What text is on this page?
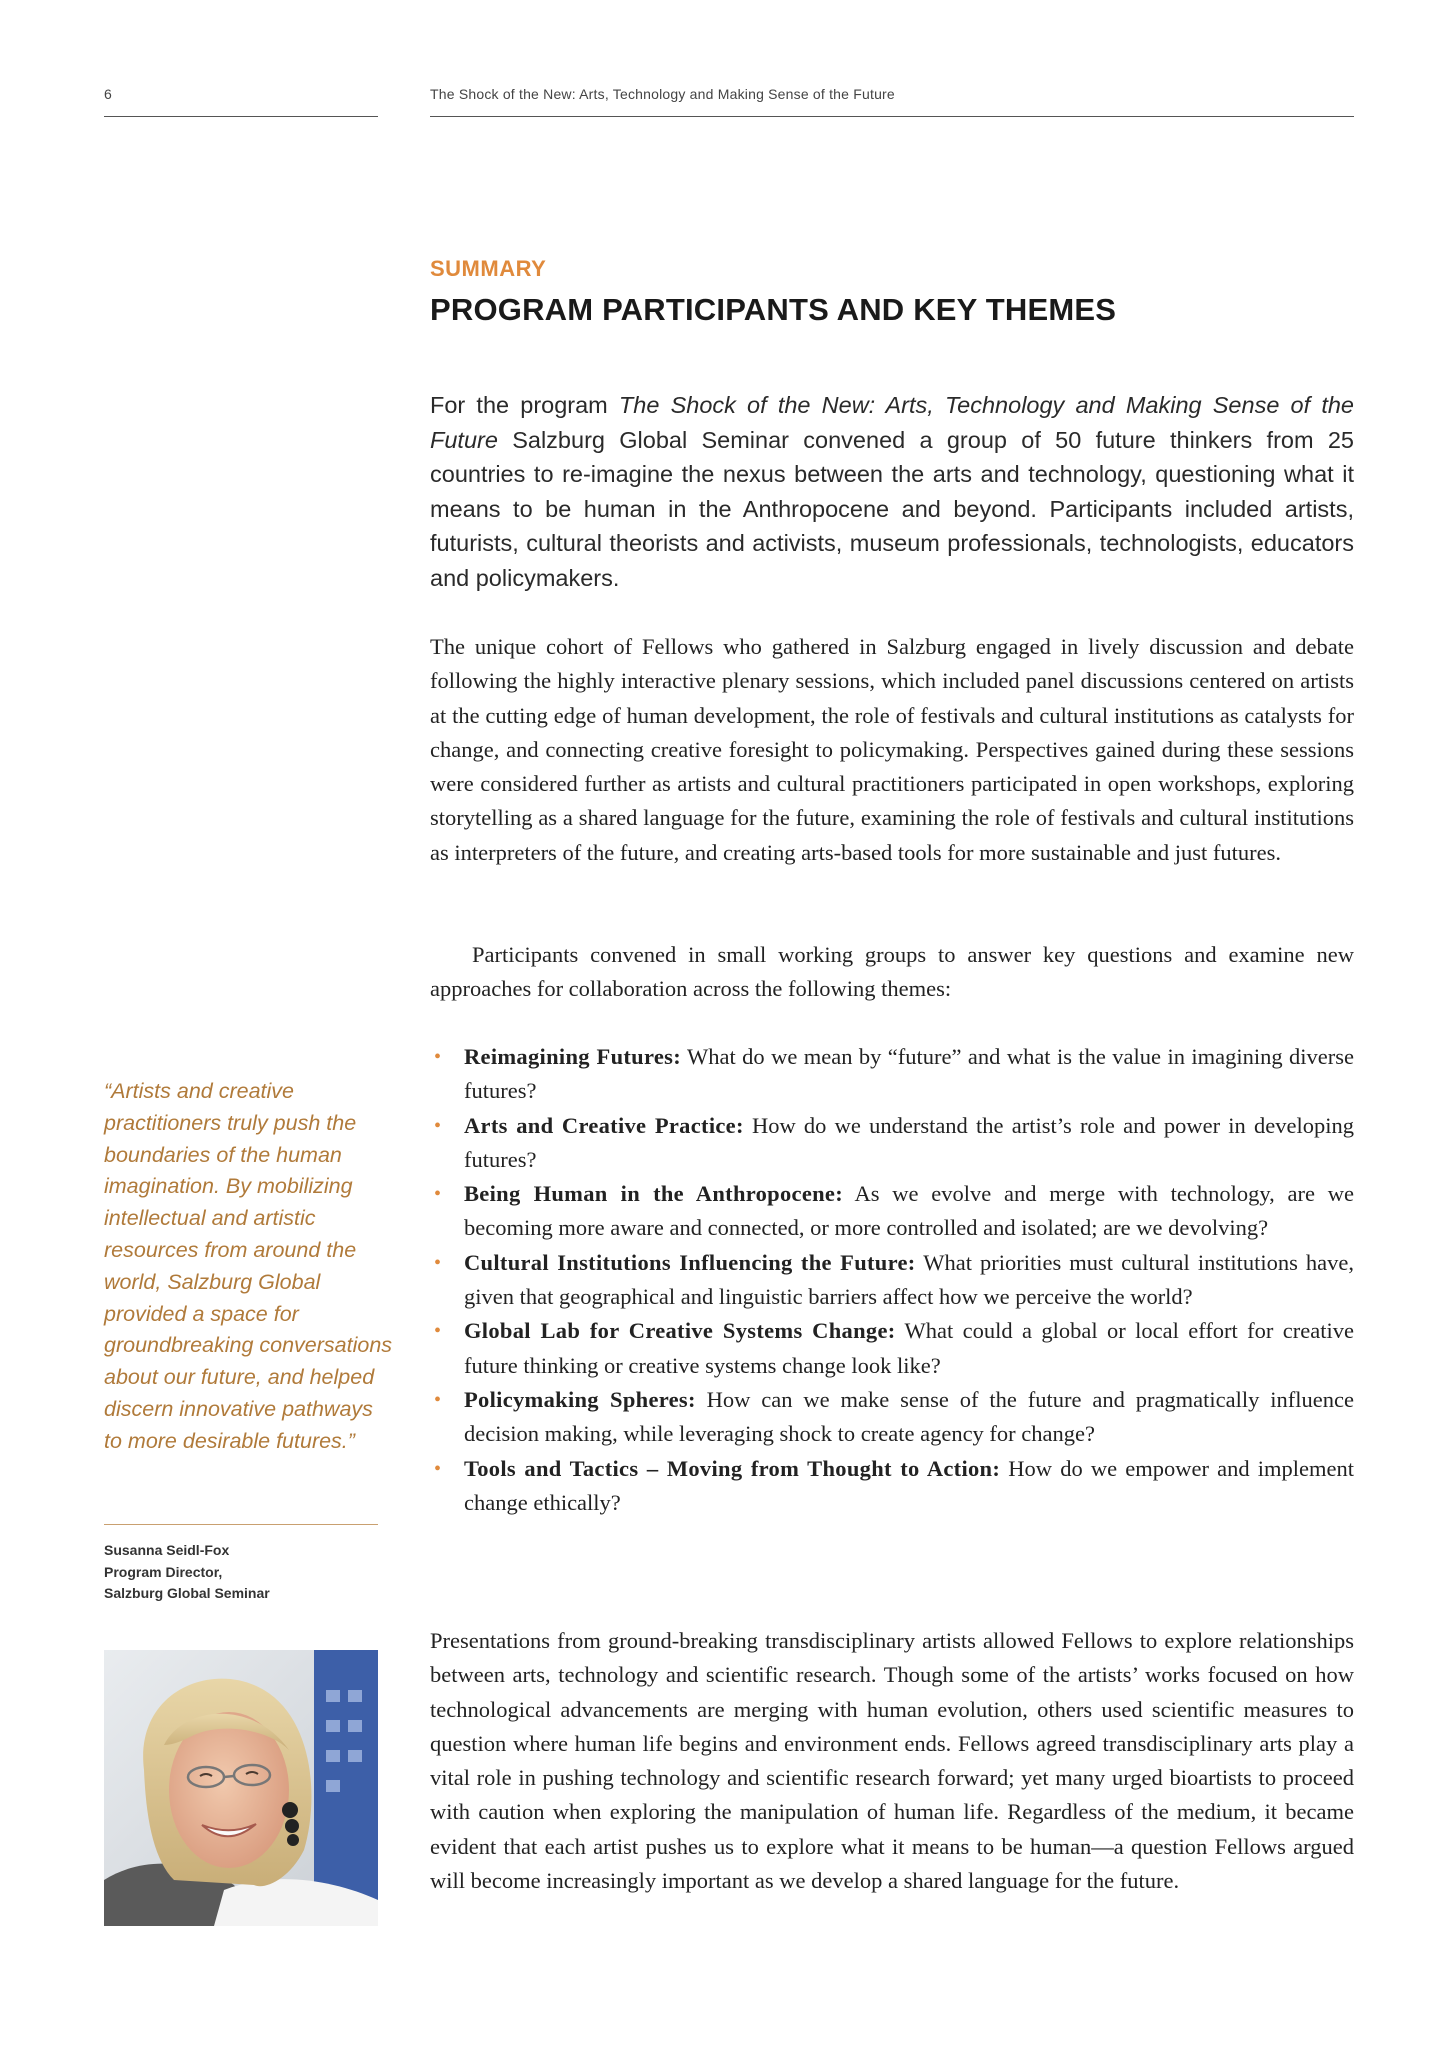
6	The Shock of the New: Arts, Technology and Making Sense of the Future
SUMMARY
PROGRAM PARTICIPANTS AND KEY THEMES

For the program The Shock of the New: Arts, Technology and Making Sense of the Future Salzburg Global Seminar convened a group of 50 future thinkers from 25 countries to re-imagine the nexus between the arts and technology, questioning what it means to be human in the Anthropocene and beyond. Participants included artists, futurists, cultural theorists and activists, museum professionals, technologists, educators and policymakers.

The unique cohort of Fellows who gathered in Salzburg engaged in lively discussion and debate following the highly interactive plenary sessions, which included panel discussions centered on artists at the cutting edge of human development, the role of festivals and cultural institutions as catalysts for change, and connecting creative foresight to policymaking. Perspectives gained during these sessions were considered further as artists and cultural practitioners participated in open workshops, exploring storytelling as a shared language for the future, examining the role of festivals and cultural institutions as interpreters of the future, and creating arts-based tools for more sustainable and just futures.

Participants convened in small working groups to answer key questions and examine new approaches for collaboration across the following themes:

• Reimagining Futures: What do we mean by “future” and what is the value in imagining diverse futures?
• Arts and Creative Practice: How do we understand the artist’s role and power in developing futures?
• Being Human in the Anthropocene: As we evolve and merge with technology, are we becoming more aware and connected, or more controlled and isolated; are we devolving?
• Cultural Institutions Influencing the Future: What priorities must cultural institutions have, given that geographical and linguistic barriers affect how we perceive the world?
• Global Lab for Creative Systems Change: What could a global or local effort for creative future thinking or creative systems change look like?
• Policymaking Spheres: How can we make sense of the future and pragmatically influence decision making, while leveraging shock to create agency for change?
• Tools and Tactics – Moving from Thought to Action: How do we empower and implement change ethically?

Presentations from ground-breaking transdisciplinary artists allowed Fellows to explore relationships between arts, technology and scientific research. Though some of the artists’ works focused on how technological advancements are merging with human evolution, others used scientific measures to question where human life begins and environment ends. Fellows agreed transdisciplinary arts play a vital role in pushing technology and scientific research forward; yet many urged bioartists to proceed with caution when exploring the manipulation of human life. Regardless of the medium, it became evident that each artist pushes us to explore what it means to be human—a question Fellows argued will become increasingly important as we develop a shared language for the future.

“Artists and creative practitioners truly push the boundaries of the human imagination. By mobilizing intellectual and artistic resources from around the world, Salzburg Global provided a space for groundbreaking conversations about our future, and helped discern innovative pathways to more desirable futures.”

Susanna Seidl-Fox
Program Director,
Salzburg Global Seminar
